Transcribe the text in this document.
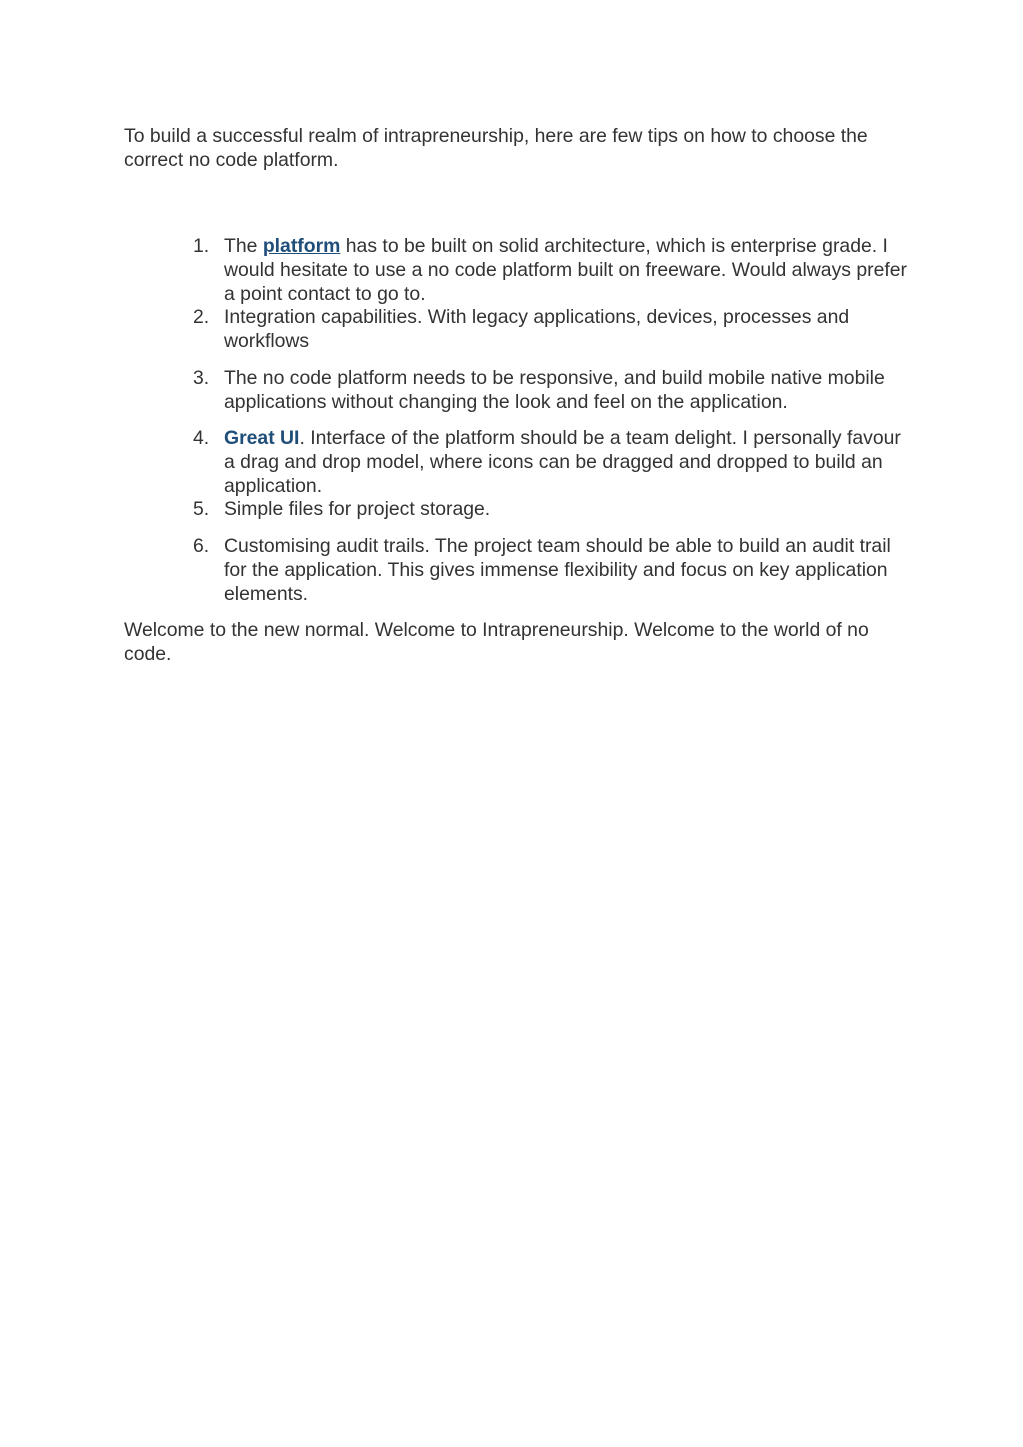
To build a successful realm of intrapreneurship, here are few tips on how to choose the correct no code platform.

1. The platform has to be built on solid architecture, which is enterprise grade. I would hesitate to use a no code platform built on freeware. Would always prefer a point contact to go to.

2. Integration capabilities. With legacy applications, devices, processes and workflows

3. The no code platform needs to be responsive, and build mobile native mobile applications without changing the look and feel on the application.

4. Great UI. Interface of the platform should be a team delight. I personally favour a drag and drop model, where icons can be dragged and dropped to build an application.

5. Simple files for project storage.

6. Customising audit trails. The project team should be able to build an audit trail for the application. This gives immense flexibility and focus on key application elements.

Welcome to the new normal. Welcome to Intrapreneurship. Welcome to the world of no code.
